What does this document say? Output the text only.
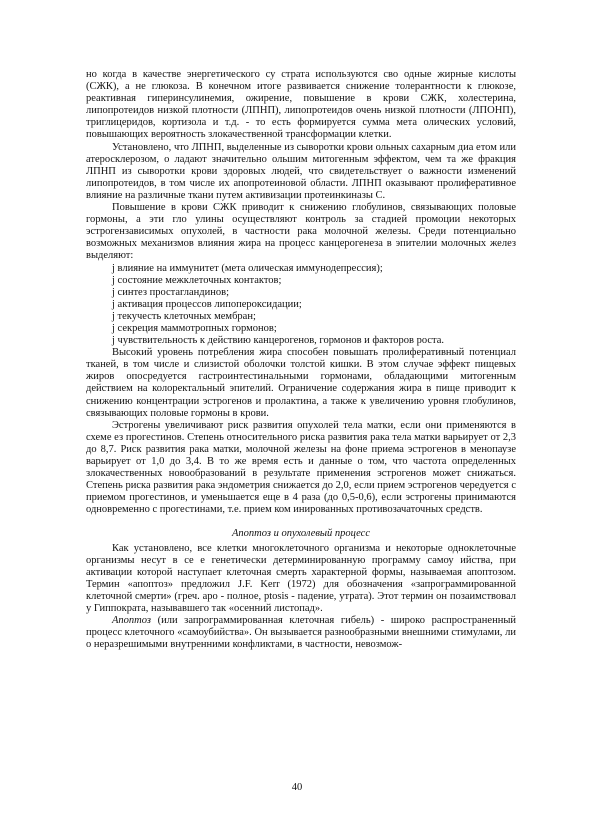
но когда в качестве энергетического су страта используются сво одные жирные кислоты (СЖК), а не глюкоза. В конечном итоге развивается снижение толерантности к глюкозе, реактивная гиперинсулинемия, ожирение, повышение в крови СЖК, холестерина, липопротеидов низкой плотности (ЛПНП), липопротеидов очень низкой плотности (ЛПОНП), триглицеридов, кортизола и т.д. - то есть формируется сумма мета олических условий, повышающих вероятность злокачественной трансформации клетки.

Установлено, что ЛПНП, выделенные из сыворотки крови ольных сахарным диа етом или атеросклерозом, о ладают значительно ольшим митогенным эффектом, чем та же фракция ЛПНП из сыворотки крови здоровых людей, что свидетельствует о важности изменений липопротеидов, в том числе их апопротеиновой области. ЛПНП оказывают пролиферативное влияние на различные ткани путем активизации протеинкиназы С.

Повышение в крови СЖК приводит к снижению глобулинов, связывающих половые гормоны, а эти гло улины осуществляют контроль за стадией промоции некоторых эстрогензависимых опухолей, в частности рака молочной железы. Среди потенциально возможных механизмов влияния жира на процесс канцерогенеза в эпителии молочных желез выделяют:

j влияние на иммунитет (мета олическая иммунодепрессия);

j состояние межклеточных контактов;

j синтез простагландинов;

j активация процессов липопероксидации;

j текучесть клеточных мембран;

j секреция маммотропных гормонов;

j чувствительность к действию канцерогенов, гормонов и факторов роста.

Высокий уровень потребления жира способен повышать пролиферативный потенциал тканей, в том числе и слизистой оболочки толстой кишки. В этом случае эффект пищевых жиров опосредуется гастроинтестинальными гормонами, обладающими митогенным действием на колоректальный эпителий. Ограничение содержания жира в пище приводит к снижению концентрации эстрогенов и пролактина, а также к увеличению уровня глобулинов, связывающих половые гормоны в крови.

Эстрогены увеличивают риск развития опухолей тела матки, если они применяются в схеме ез прогестинов. Степень относительного риска развития рака тела матки варьирует от 2,3 до 8,7. Риск развития рака матки, молочной железы на фоне приема эстрогенов в менопаузе варьирует от 1,0 до 3,4. В то же время есть и данные о том, что частота определенных злокачественных новообразований в результате применения эстрогенов может снижаться. Степень риска развития рака эндометрия снижается до 2,0, если прием эстрогенов чередуется с приемом прогестинов, и уменьшается еще в 4 раза (до 0,5-0,6), если эстрогены принимаются одновременно с прогестинами, т.е. прием ком инированных противозачаточных средств.

Апоптоз и опухолевый процесс

Как установлено, все клетки многоклеточного организма и некоторые одноклеточные организмы несут в се е генетически детерминированную программу самоу ийства, при активации которой наступает клеточная смерть характерной формы, называемая апоптозом. Термин «апоптоз» предложил J.F. Kerr (1972) для обозначения «запрограммированной клеточной смерти» (греч. apo - полное, ptosis - падение, утрата). Этот термин он позаимствовал у Гиппократа, называвшего так «осенний листопад».

Апоптоз (или запрограммированная клеточная гибель) - широко распространенный процесс клеточного «самоубийства». Он вызывается разнообразными внешними стимулами, ли о неразрешимыми внутренними конфликтами, в частности, невозмож-

40
